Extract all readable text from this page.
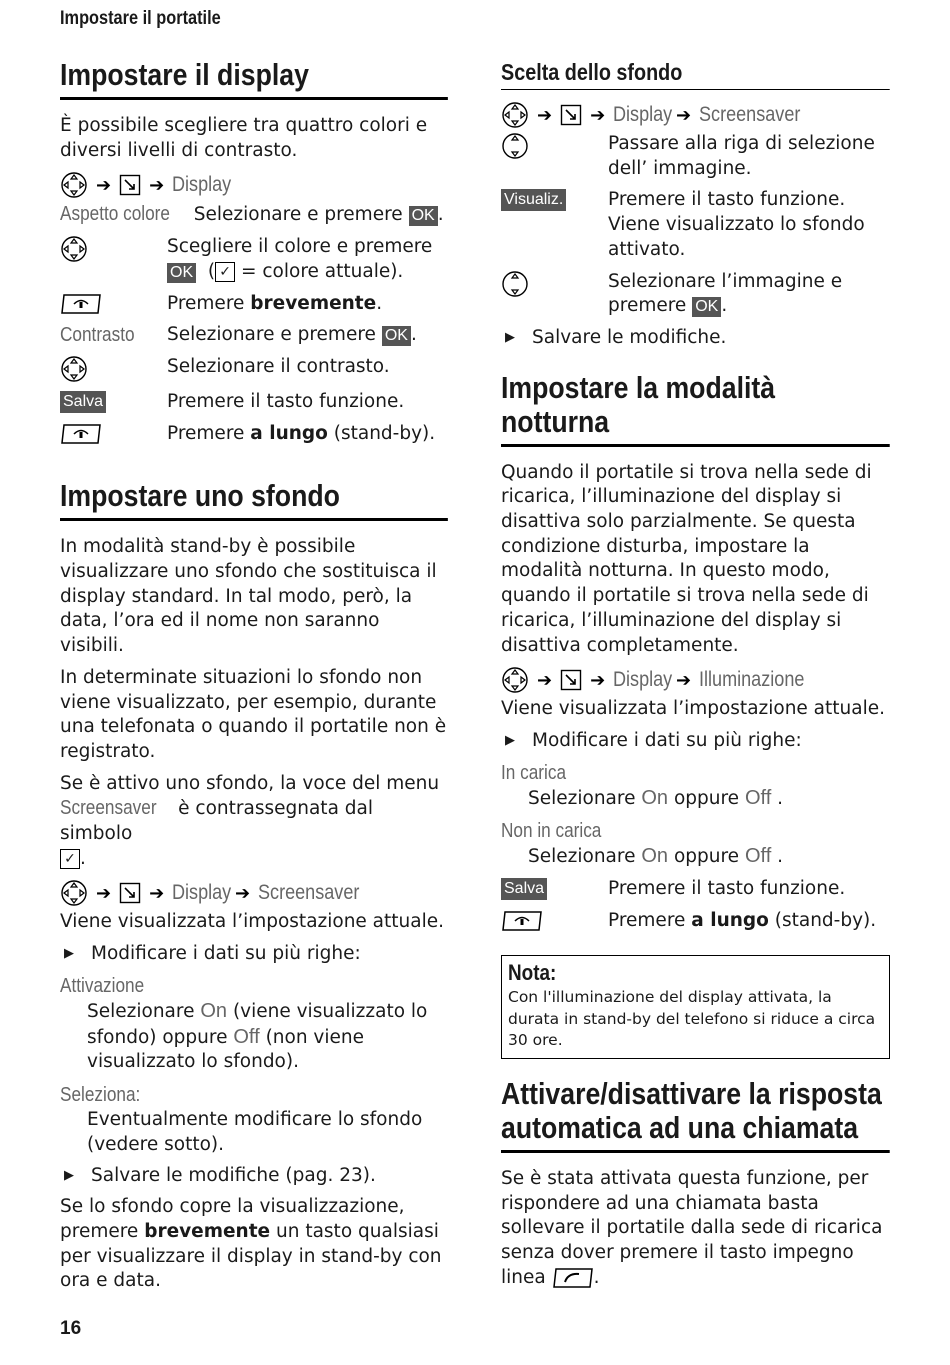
Impostare il portatile
Impostare il display

È possibile scegliere tra quattro colori e diversi livelli di contrasto.

➔ ➔ Display
Aspetto colore Selezionare e premere OK .
Scegliere il colore e premere
OK  ( ✓ = colore attuale).
Premere brevemente.
Contrasto Selezionare e premere OK .
Selezionare il contrasto.
Salva	Premere il tasto funzione.
Premere a lungo (stand-by).
Impostare uno sfondo

In modalità stand-by è possibile visualizzare uno sfondo che sostituisca il display standard. In tal modo, però, la data, l’ora ed il nome non saranno visibili.

In determinate situazioni lo sfondo non viene visualizzato, per esempio, durante una telefonata o quando il portatile non è registrato.

Se è attivo uno sfondo, la voce del menu Screensaver è contrassegnata dal simbolo
✓ .

➔ ➔ Display ➔ Screensaver

Viene visualizzata l’impostazione attuale.

▶ Modificare i dati su più righe:
Attivazione
Selezionare On (viene visualizzato lo sfondo) oppure Off (non viene visualizzato lo sfondo).
Seleziona:
Eventualmente modificare lo sfondo (vedere sotto).
▶ Salvare le modifiche (pag. 23).

Se lo sfondo copre la visualizzazione, premere brevemente un tasto qualsiasi per visualizzare il display in stand-by con ora e data.

Scelta dello sfondo
➔ ➔ Display ➔ Screensaver
Passare alla riga di selezione dell’ immagine.
Visualiz. Premere il tasto funzione. Viene visualizzato lo sfondo attivato.
Selezionare l’immagine e premere OK .
▶ Salvare le modifiche.
Impostare la modalità notturna

Quando il portatile si trova nella sede di ricarica, l’illuminazione del display si disattiva solo parzialmente. Se questa condizione disturba, impostare la modalità notturna. In questo modo, quando il portatile si trova nella sede di ricarica, l’illuminazione del display si disattiva completamente.

➔ ➔ Display ➔ Illuminazione

Viene visualizzata l’impostazione attuale.

▶ Modificare i dati su più righe:
In carica
Selezionare On oppure Off .
Non in carica
Selezionare On oppure Off .
Salva	Premere il tasto funzione.
Premere a lungo (stand-by).
Nota:
Con l'illuminazione del display attivata, la durata in stand-by del telefono si riduce a circa 30 ore.
Attivare/disattivare la risposta automatica ad una chiamata

Se è stata attivata questa funzione, per rispondere ad una chiamata basta sollevare il portatile dalla sede di ricarica senza dover premere il tasto impegno linea	.

16
